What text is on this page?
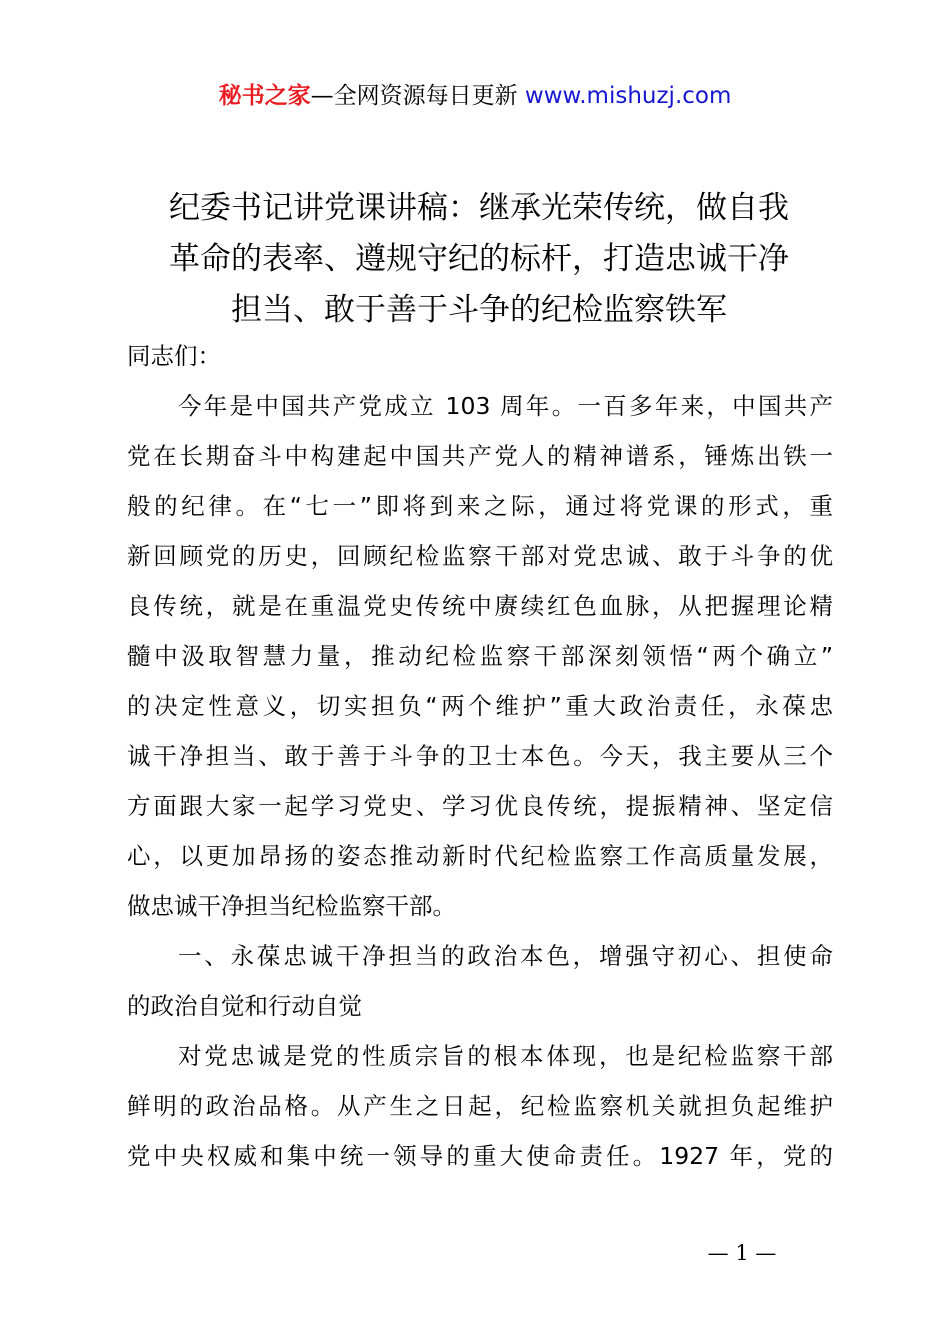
秘书之家—全网资源每日更新 www.mishuzj.com
纪委书记讲党课讲稿：继承光荣传统，做自我
革命的表率、遵规守纪的标杆，打造忠诚干净
担当、敢于善于斗争的纪检监察铁军
同志们：
今年是中国共产党成立 103 周年。一百多年来，中国共产
党在长期奋斗中构建起中国共产党人的精神谱系，锤炼出铁一
般的纪律。在“七一”即将到来之际，通过将党课的形式，重
新回顾党的历史，回顾纪检监察干部对党忠诚、敢于斗争的优
良传统，就是在重温党史传统中赓续红色血脉，从把握理论精
髓中汲取智慧力量，推动纪检监察干部深刻领悟“两个确立”
的决定性意义，切实担负“两个维护”重大政治责任，永葆忠
诚干净担当、敢于善于斗争的卫士本色。今天，我主要从三个
方面跟大家一起学习党史、学习优良传统，提振精神、坚定信
心，以更加昂扬的姿态推动新时代纪检监察工作高质量发展，
做忠诚干净担当纪检监察干部。
一、永葆忠诚干净担当的政治本色，增强守初心、担使命
的政治自觉和行动自觉
对党忠诚是党的性质宗旨的根本体现，也是纪检监察干部
鲜明的政治品格。从产生之日起，纪检监察机关就担负起维护
党中央权威和集中统一领导的重大使命责任。1927 年，党的
— 1 —
